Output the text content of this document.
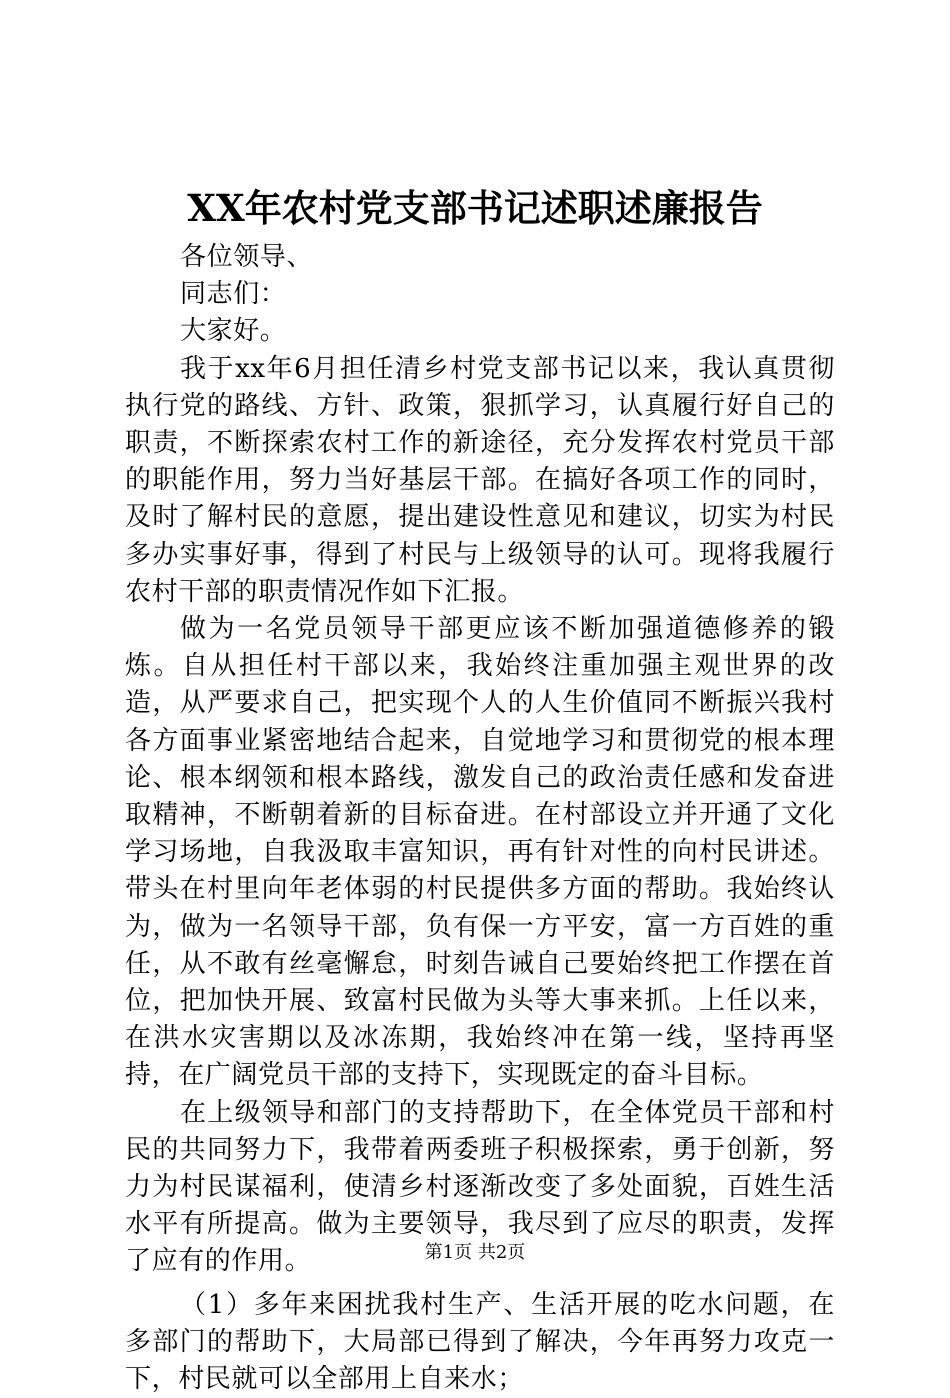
XX年农村党支部书记述职述廉报告

各位领导、

同志们：

大家好。

我于xx年6月担任清乡村党支部书记以来，我认真贯彻执行党的路线、方针、政策，狠抓学习，认真履行好自己的职责，不断探索农村工作的新途径，充分发挥农村党员干部的职能作用，努力当好基层干部。在搞好各项工作的同时，及时了解村民的意愿，提出建设性意见和建议，切实为村民多办实事好事，得到了村民与上级领导的认可。现将我履行农村干部的职责情况作如下汇报。

做为一名党员领导干部更应该不断加强道德修养的锻炼。自从担任村干部以来，我始终注重加强主观世界的改造，从严要求自己，把实现个人的人生价值同不断振兴我村各方面事业紧密地结合起来，自觉地学习和贯彻党的根本理论、根本纲领和根本路线，激发自己的政治责任感和发奋进取精神，不断朝着新的目标奋进。在村部设立并开通了文化学习场地，自我汲取丰富知识，再有针对性的向村民讲述。带头在村里向年老体弱的村民提供多方面的帮助。我始终认为，做为一名领导干部，负有保一方平安，富一方百姓的重任，从不敢有丝毫懈怠，时刻告诫自己要始终把工作摆在首位，把加快开展、致富村民做为头等大事来抓。上任以来，在洪水灾害期以及冰冻期，我始终冲在第一线，坚持再坚持，在广阔党员干部的支持下，实现既定的奋斗目标。

在上级领导和部门的支持帮助下，在全体党员干部和村民的共同努力下，我带着两委班子积极探索，勇于创新，努力为村民谋福利，使清乡村逐渐改变了多处面貌，百姓生活水平有所提高。做为主要领导，我尽到了应尽的职责，发挥了应有的作用。

（1）多年来困扰我村生产、生活开展的吃水问题，在多部门的帮助下，大局部已得到了解决，今年再努力攻克一下，村民就可以全部用上自来水；

第1页 共2页
